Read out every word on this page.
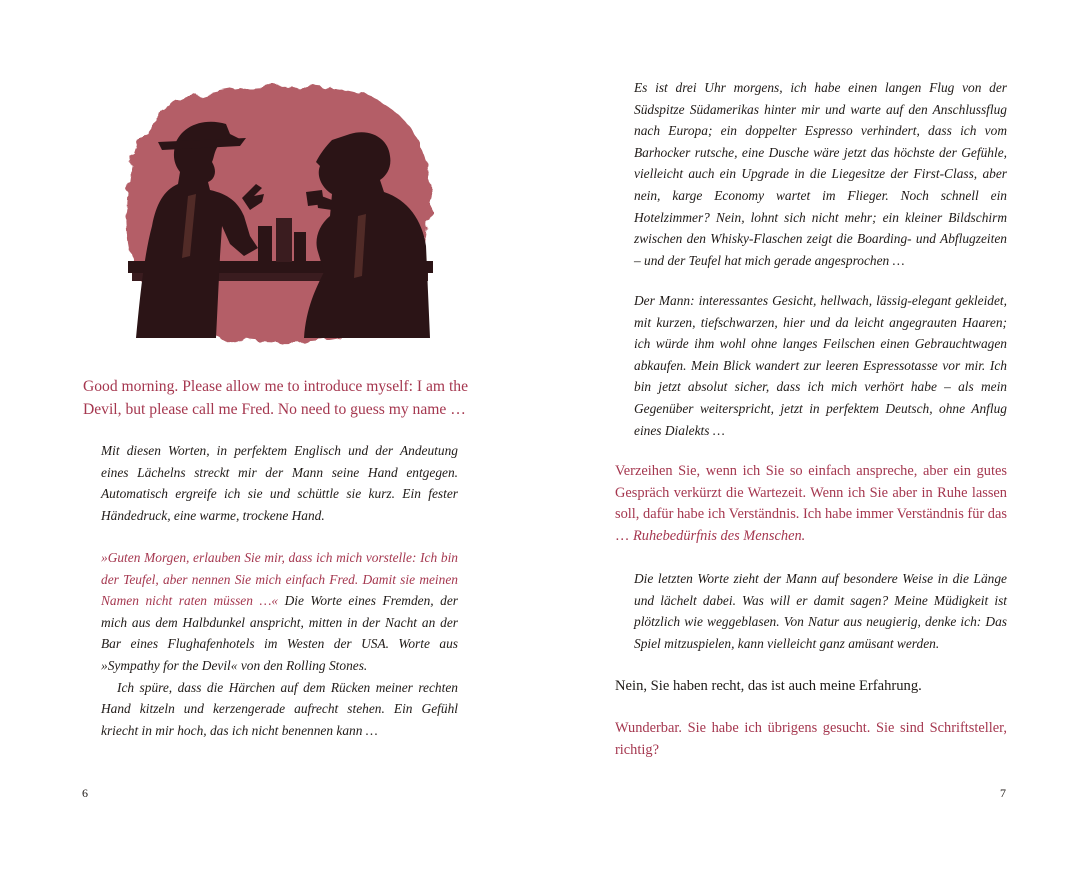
Good morning. Please allow me to introduce myself: I am the Devil, but please call me Fred. No need to guess my name …

Mit diesen Worten, in perfektem Englisch und der Andeutung eines Lächelns streckt mir der Mann seine Hand entgegen. Automatisch ergreife ich sie und schüttle sie kurz. Ein fester Händedruck, eine warme, trockene Hand.

»Guten Morgen, erlauben Sie mir, dass ich mich vorstelle: Ich bin der Teufel, aber nennen Sie mich einfach Fred. Damit sie meinen Namen nicht raten müssen …« Die Worte eines Fremden, der mich aus dem Halbdunkel anspricht, mitten in der Nacht an der Bar eines Flughafenhotels im Westen der USA. Worte aus »Sympathy for the Devil« von den Rolling Stones.

Ich spüre, dass die Härchen auf dem Rücken meiner rechten Hand kitzeln und kerzengerade aufrecht stehen. Ein Gefühl kriecht in mir hoch, das ich nicht benennen kann …

6

Es ist drei Uhr morgens, ich habe einen langen Flug von der Südspitze Südamerikas hinter mir und warte auf den Anschlussflug nach Europa; ein doppelter Espresso verhindert, dass ich vom Barhocker rutsche, eine Dusche wäre jetzt das höchste der Gefühle, vielleicht auch ein Upgrade in die Liegesitze der First-Class, aber nein, karge Economy wartet im Flieger. Noch schnell ein Hotelzimmer? Nein, lohnt sich nicht mehr; ein kleiner Bildschirm zwischen den Whisky-Flaschen zeigt die Boarding- und Abflugzeiten – und der Teufel hat mich gerade angesprochen …

Der Mann: interessantes Gesicht, hellwach, lässig-elegant gekleidet, mit kurzen, tiefschwarzen, hier und da leicht angegrauten Haaren; ich würde ihm wohl ohne langes Feilschen einen Gebrauchtwagen abkaufen. Mein Blick wandert zur leeren Espressotasse vor mir. Ich bin jetzt absolut sicher, dass ich mich verhört habe – als mein Gegenüber weiterspricht, jetzt in perfektem Deutsch, ohne Anflug eines Dialekts …

Verzeihen Sie, wenn ich Sie so einfach anspreche, aber ein gutes Gespräch verkürzt die Wartezeit. Wenn ich Sie aber in Ruhe lassen soll, dafür habe ich Verständnis. Ich habe immer Verständnis für das … Ruhebedürfnis des Menschen.

Die letzten Worte zieht der Mann auf besondere Weise in die Länge und lächelt dabei. Was will er damit sagen? Meine Müdigkeit ist plötzlich wie weggeblasen. Von Natur aus neugierig, denke ich: Das Spiel mitzuspielen, kann vielleicht ganz amüsant werden.

Nein, Sie haben recht, das ist auch meine Erfahrung.
Wunderbar. Sie habe ich übrigens gesucht. Sie sind Schriftsteller, richtig?
7
